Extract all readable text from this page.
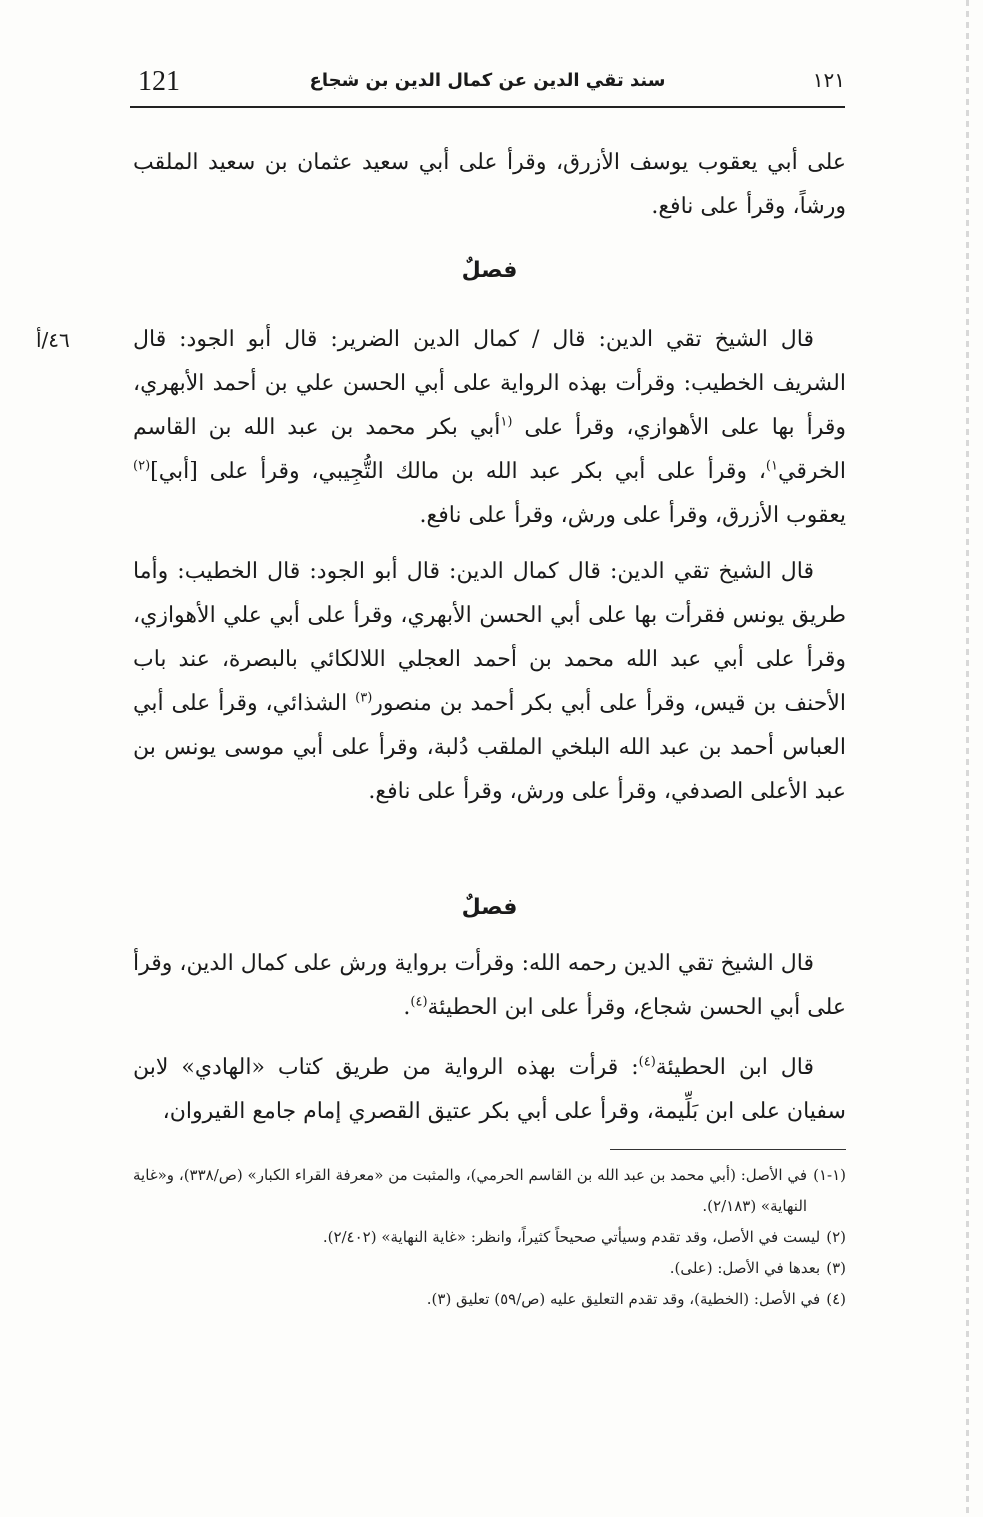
121	سند تقي الدين عن كمال الدين بن شجاع	١٢١

على أبي يعقوب يوسف الأزرق، وقرأ على أبي سعيد عثمان بن سعيد الملقب ورشاً، وقرأ على نافع.

فصلٌ
٤٦/أ	قال الشيخ تقي الدين: قال / كمال الدين الضرير: قال أبو الجود: قال الشريف الخطيب: وقرأت بهذه الرواية على أبي الحسن علي بن أحمد الأبهري، وقرأ بها على الأهوازي، وقرأ على $^{(١}$أبي بكر محمد بن عبد الله بن القاسم الخرقي$^{١)}$، وقرأ على أبي بكر عبد الله بن مالك التُّجِيبي، وقرأ على [أبي]$^{(٢)}$ يعقوب الأزرق، وقرأ على ورش، وقرأ على نافع.

قال الشيخ تقي الدين: قال كمال الدين: قال أبو الجود: قال الخطيب: وأما طريق يونس فقرأت بها على أبي الحسن الأبهري، وقرأ على أبي علي الأهوازي، وقرأ على أبي عبد الله محمد بن أحمد العجلي اللالكائي بالبصرة، عند باب الأحنف بن قيس، وقرأ على أبي بكر أحمد بن منصور$^{(٣)}$ الشذائي، وقرأ على أبي العباس أحمد بن عبد الله البلخي الملقب دُلبة، وقرأ على أبي موسى يونس بن عبد الأعلى الصدفي، وقرأ على ورش، وقرأ على نافع.

فصلٌ

قال الشيخ تقي الدين رحمه الله: وقرأت برواية ورش على كمال الدين، وقرأ على أبي الحسن شجاع، وقرأ على ابن الحطيئة$^{(٤)}$.

قال ابن الحطيئة$^{(٤)}$: قرأت بهذه الرواية من طريق كتاب «الهادي» لابن سفيان على ابن بَلِّيمة، وقرأ على أبي بكر عتيق القصري إمام جامع القيروان،

(١-١)
في الأصل: (أبي محمد بن عبد الله بن القاسم الحرمي)، والمثبت من «معرفة القراء الكبار» (ص/٣٣٨)، و«غاية النهاية» (٢/١٨٣).
(٢)
ليست في الأصل، وقد تقدم وسيأتي صحيحاً كثيراً، وانظر: «غاية النهاية» (٢/٤٠٢).
(٣)
بعدها في الأصل: (على).
(٤)
في الأصل: (الخطية)، وقد تقدم التعليق عليه (ص/٥٩) تعليق (٣).
